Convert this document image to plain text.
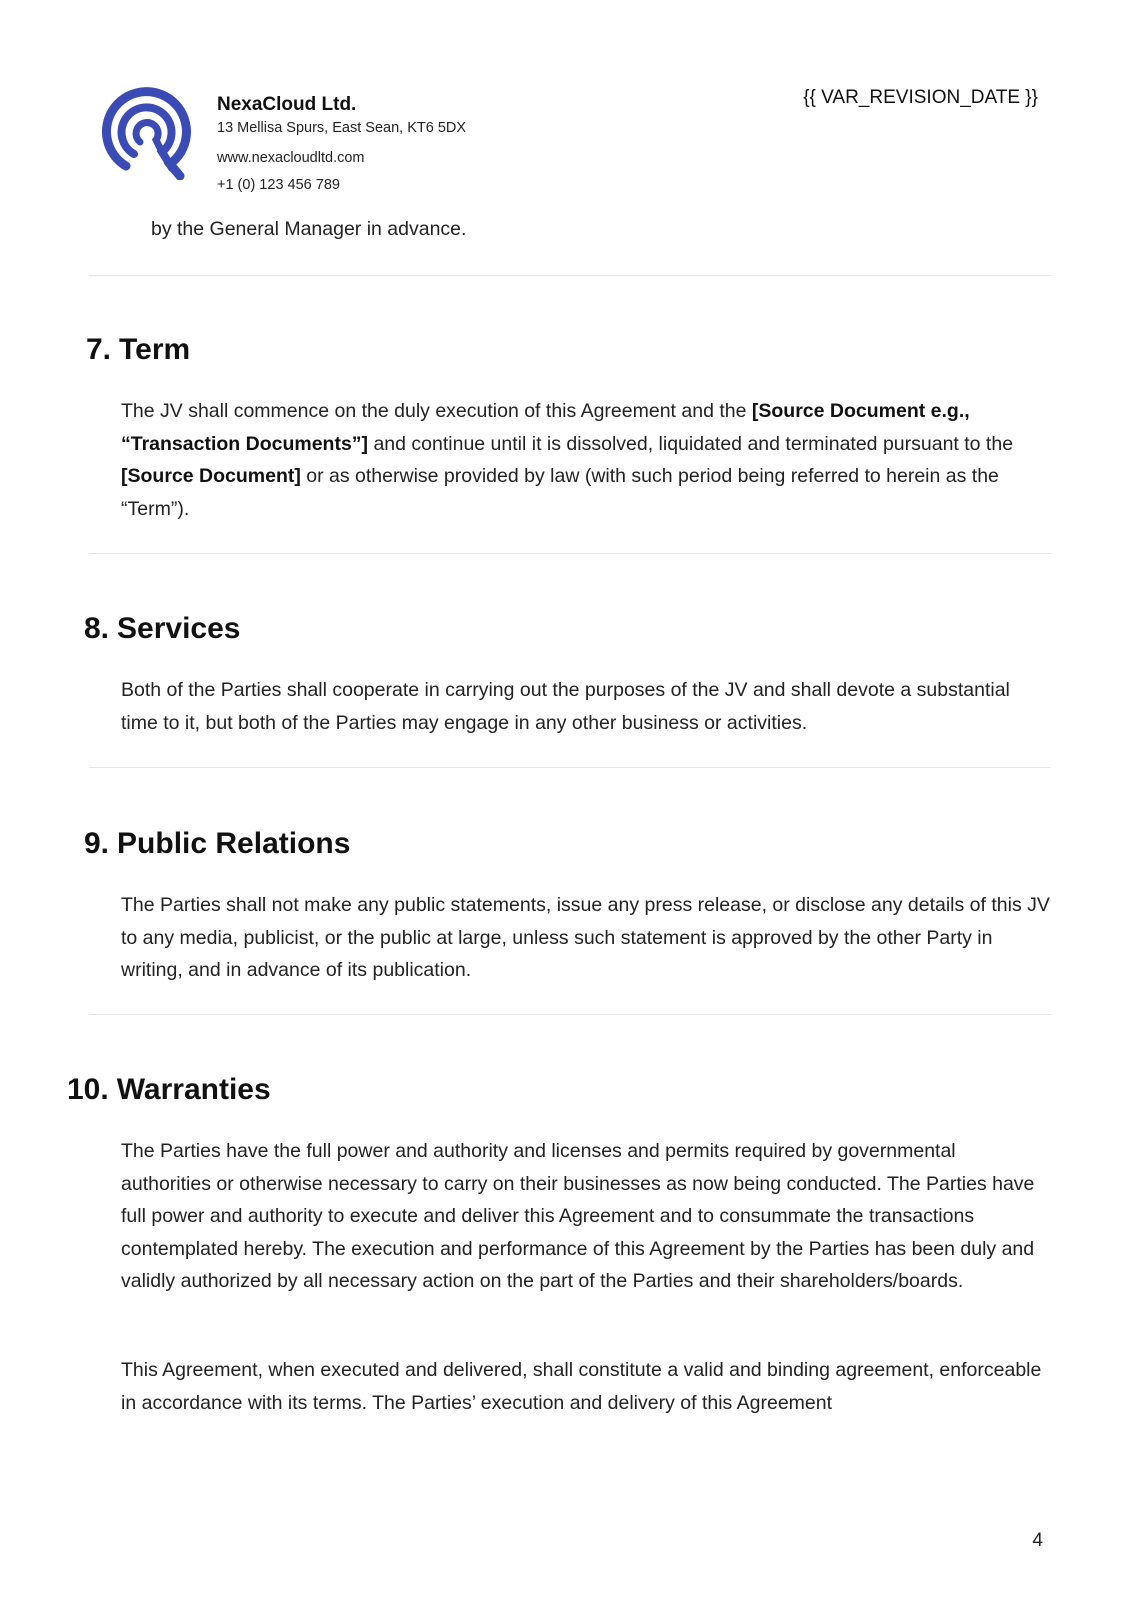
NexaCloud Ltd.
13 Mellisa Spurs, East Sean, KT6 5DX
www.nexacloudltd.com
+1 (0) 123 456 789
{{ VAR_REVISION_DATE }}
by the General Manager in advance.
7. Term

The JV shall commence on the duly execution of this Agreement and the [Source Document e.g., “Transaction Documents”] and continue until it is dissolved, liquidated and terminated pursuant to the [Source Document] or as otherwise provided by law (with such period being referred to herein as the “Term”).

8. Services

Both of the Parties shall cooperate in carrying out the purposes of the JV and shall devote a substantial time to it, but both of the Parties may engage in any other business or activities.

9. Public Relations

The Parties shall not make any public statements, issue any press release, or disclose any details of this JV to any media, publicist, or the public at large, unless such statement is approved by the other Party in writing, and in advance of its publication.

10. Warranties

The Parties have the full power and authority and licenses and permits required by governmental authorities or otherwise necessary to carry on their businesses as now being conducted. The Parties have full power and authority to execute and deliver this Agreement and to consummate the transactions contemplated hereby. The execution and performance of this Agreement by the Parties has been duly and validly authorized by all necessary action on the part of the Parties and their shareholders/boards.

This Agreement, when executed and delivered, shall constitute a valid and binding agreement, enforceable in accordance with its terms. The Parties’ execution and delivery of this Agreement

4
